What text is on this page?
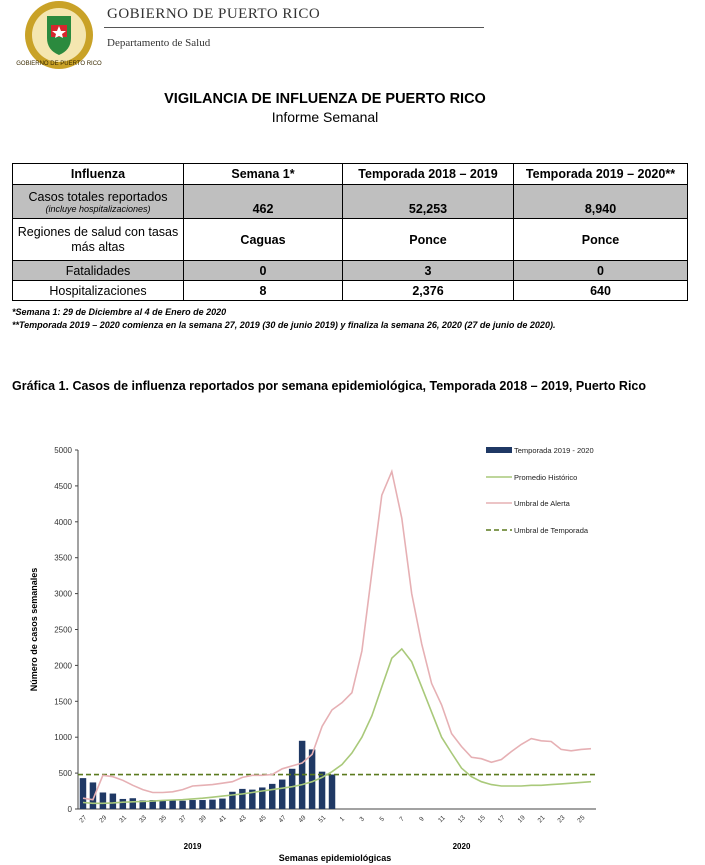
GOBIERNO DE PUERTO RICO
GOBIERNO DE PUERTO RICO
Departamento de Salud
VIGILANCIA DE INFLUENZA DE PUERTO RICO
Informe Semanal
Influenza	Semana 1*	Temporada 2018 – 2019	Temporada 2019 – 2020**

Casos totales reportados
(incluye hospitalizaciones)	462	52,253	8,940
Regiones de salud con tasas más altas	Caguas	Ponce	Ponce
Fatalidades	0	3	0
Hospitalizaciones	8	2,376	640
*Semana 1: 29 de Diciembre al 4 de Enero de 2020
**Temporada 2019 – 2020 comienza en la semana 27, 2019 (30 de junio 2019) y finaliza la semana 26, 2020 (27 de junio de 2020).
Gráfica 1. Casos de influenza reportados por semana epidemiológica, Temporada 2018 – 2019, Puerto Rico
0
500
1000
1500
2000
2500
3000
3500
4000
4500
5000
27 29 31 33 35 37 39 41 43 45 47 49 51 1 3 5 7 9 11 13 15 17 19 21 23 25
2019	2020
Semanas epidemiológicas
Número de casos semanales
Temporada 2019 - 2020
Promedio Histórico
Umbral de Alerta
Umbral de Temporada
